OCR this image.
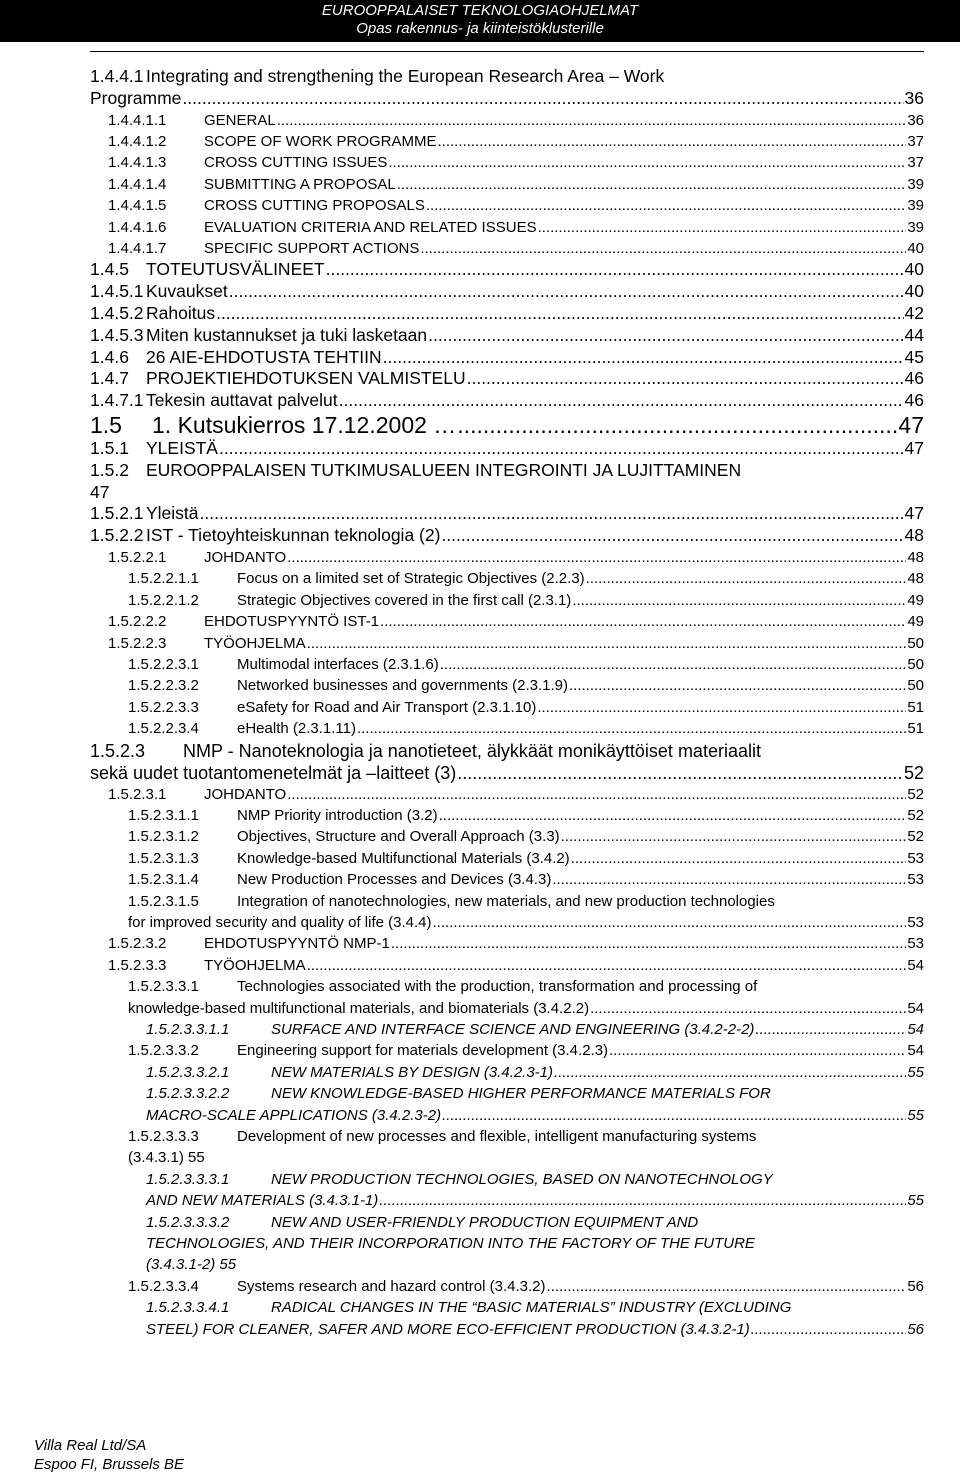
EUROOPPALAISET TEKNOLOGIAOHJELMAT
Opas rakennus- ja kiinteistöklusterille
1.4.4.1 Integrating and strengthening the European Research Area – Work
Programme .....	36
1.4.4.1.1	GENERAL .....	36
1.4.4.1.2	SCOPE OF WORK PROGRAMME .....	37
1.4.4.1.3	CROSS CUTTING ISSUES .....	37
1.4.4.1.4	SUBMITTING A PROPOSAL .....	39
1.4.4.1.5	CROSS CUTTING PROPOSALS .....	39
1.4.4.1.6	EVALUATION CRITERIA AND RELATED ISSUES .....	39
1.4.4.1.7	SPECIFIC SUPPORT ACTIONS .....	40
1.4.5 TOTEUTUSVÄLINEET .....	40
1.4.5.1 Kuvaukset .....	40
1.4.5.2 Rahoitus .....	42
1.4.5.3 Miten kustannukset ja tuki lasketaan .....	44
1.4.6 26 AIE-EHDOTUSTA TEHTIIN .....	45
1.4.7 PROJEKTIEHDOTUKSEN VALMISTELU .....	46
1.4.7.1 Tekesin auttavat palvelut .....	46
1.5	1. Kutsukierros 17.12.2002 … .....	47
1.5.1 YLEISTÄ .....	47
1.5.2 EUROOPPALAISEN TUTKIMUSALUEEN INTEGROINTI JA LUJITTAMINEN
47
1.5.2.1 Yleistä .....	47
1.5.2.2 IST - Tietoyhteiskunnan teknologia (2) .....	48
1.5.2.2.1	JOHDANTO .....	48
1.5.2.2.1.1	Focus on a limited set of Strategic Objectives (2.2.3) .....	48
1.5.2.2.1.2	Strategic Objectives covered in the first call (2.3.1) .....	49
1.5.2.2.2	EHDOTUSPYYNTÖ IST-1 .....	49
1.5.2.2.3	TYÖOHJELMA .....	50
1.5.2.2.3.1	Multimodal interfaces (2.3.1.6) .....	50
1.5.2.2.3.2	Networked businesses and governments (2.3.1.9) .....	50
1.5.2.2.3.3	eSafety for Road and Air Transport (2.3.1.10) .....	51
1.5.2.2.3.4	eHealth (2.3.1.11) .....	51
1.5.2.3 NMP - Nanoteknologia ja nanotieteet, älykkäät monikäyttöiset materiaalit
sekä uudet tuotantomenetelmät ja –laitteet (3) .....	52
1.5.2.3.1	JOHDANTO .....	52
1.5.2.3.1.1	NMP Priority introduction (3.2) .....	52
1.5.2.3.1.2	Objectives, Structure and Overall Approach (3.3) .....	52
1.5.2.3.1.3	Knowledge-based Multifunctional Materials (3.4.2) .....	53
1.5.2.3.1.4	New Production Processes and Devices (3.4.3) .....	53
1.5.2.3.1.5	Integration of nanotechnologies, new materials, and new production technologies
for improved security and quality of life (3.4.4) .....	53
1.5.2.3.2	EHDOTUSPYYNTÖ NMP-1 .....	53
1.5.2.3.3	TYÖOHJELMA .....	54
1.5.2.3.3.1	Technologies associated with the production, transformation and processing of
knowledge-based multifunctional materials, and biomaterials (3.4.2.2) .....	54
1.5.2.3.3.1.1	SURFACE AND INTERFACE SCIENCE AND ENGINEERING (3.4.2-2-2) .....	54
1.5.2.3.3.2	Engineering support for materials development (3.4.2.3) .....	54
1.5.2.3.3.2.1	NEW MATERIALS BY DESIGN (3.4.2.3-1) .....	55
1.5.2.3.3.2.2	NEW KNOWLEDGE-BASED HIGHER PERFORMANCE MATERIALS FOR
MACRO-SCALE APPLICATIONS (3.4.2.3-2) .....	55
1.5.2.3.3.3	Development of new processes and flexible, intelligent manufacturing systems
(3.4.3.1) 55
1.5.2.3.3.3.1	NEW PRODUCTION TECHNOLOGIES, BASED ON NANOTECHNOLOGY
AND NEW MATERIALS (3.4.3.1-1) .....	55
1.5.2.3.3.3.2	NEW AND USER-FRIENDLY PRODUCTION EQUIPMENT AND
TECHNOLOGIES, AND THEIR INCORPORATION INTO THE FACTORY OF THE FUTURE
(3.4.3.1-2) 55
1.5.2.3.3.4	Systems research and hazard control (3.4.3.2) .....	56
1.5.2.3.3.4.1	RADICAL CHANGES IN THE “BASIC MATERIALS” INDUSTRY (EXCLUDING
STEEL) FOR CLEANER, SAFER AND MORE ECO-EFFICIENT PRODUCTION (3.4.3.2-1) .....	56
Villa Real Ltd/SA
Espoo FI, Brussels BE
